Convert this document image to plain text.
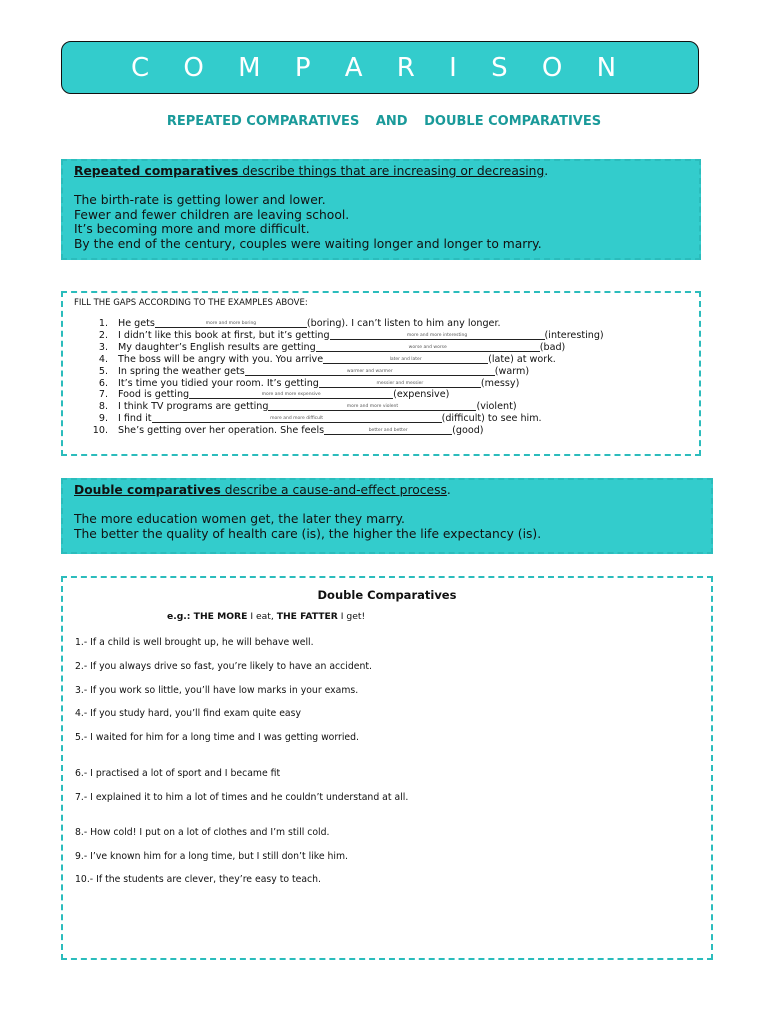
C O M P A R I S O N
REPEATED COMPARATIVES AND DOUBLE COMPARATIVES
Repeated comparatives describe things that are increasing or decreasing.
The birth-rate is getting lower and lower.
Fewer and fewer children are leaving school.
It’s becoming more and more difficult.
By the end of the century, couples were waiting longer and longer to marry.
FILL THE GAPS ACCORDING TO THE EXAMPLES ABOVE:
1. He gets	$^{more and more boring}$	(boring). I can’t listen to him any longer.
2. I didn’t like this book at first, but it’s getting	$^{more and more interesting}$	(interesting)
3. My daughter’s English results are getting	$^{worse and worse}$	(bad)
4. The boss will be angry with you. You arrive	$^{later and later}$	(late) at work.
5. In spring the weather gets	$^{warmer and warmer}$	(warm)
6. It’s time you tidied your room. It’s getting	$^{messier and messier}$	(messy)
7. Food is getting	$^{more and more expensive}$	(expensive)
8. I think TV programs are getting	$^{more and more violent}$	(violent)
9. I find it	$^{more and more difficult}$	(difficult) to see him.
10. She’s getting over her operation. She feels	$^{better and better}$	(good)
Double comparatives describe a cause-and-effect process.
The more education women get, the later they marry.
The better the quality of health care (is), the higher the life expectancy (is).
Double Comparatives
e.g.: THE MORE I eat, THE FATTER I get!
1.- If a child is well brought up, he will behave well.
2.- If you always drive so fast, you’re likely to have an accident.
3.- If you work so little, you’ll have low marks in your exams.
4.- If you study hard, you’ll find exam quite easy
5.- I waited for him for a long time and I was getting worried.
6.- I practised a lot of sport and I became fit
7.- I explained it to him a lot of times and he couldn’t understand at all.
8.- How cold! I put on a lot of clothes and I’m still cold.
9.- I’ve known him for a long time, but I still don’t like him.
10.- If the students are clever, they’re easy to teach.
